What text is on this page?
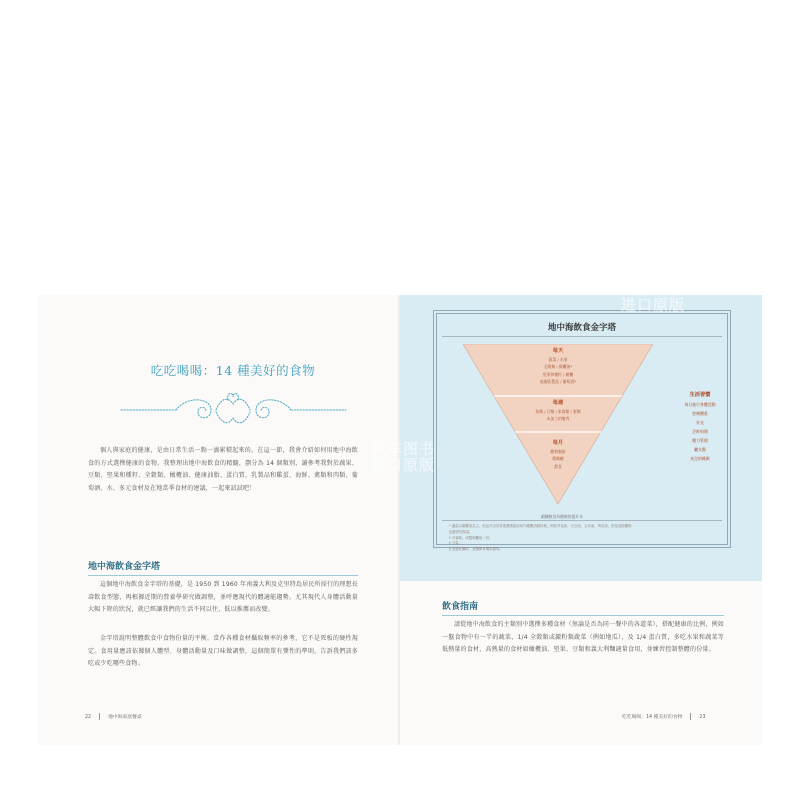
吃吃喝喝：14 種美好的食物
個人與家庭的健康，是由日常生活一點一滴累積起來的。在這一節，我會介紹如何用地中海飲食的方式選擇健康的食物。我整理出地中海飲食的精髓，劃分為 14 個類別，讀參考我對於蔬果、豆類、堅果和種籽、全穀類、橄欖油、健康油脂、蛋白質、乳製品和雞蛋、海鮮、禽類和肉類、葡萄酒、水、多元食材及在地當季食材的建議，一起來試試吧！
地中海飲食金字塔
這個地中海飲食金字塔的基礎，是 1950 到 1960 年南義大利及克里特島居民所採行的理想長壽飲食型態，再根據近期的營養學研究做調整，並呼應現代的體適能趨勢。尤其現代人身體活動量大幅下降的狀況，就已經讓我們的生活不同以往，低以推薦而改變。
金字塔說明整體飲食中食物份量的平衡，當作各種食材攝取頻率的參考，它不是死板的硬性規定。食用量應該依據個人體型、身體活動量及口味做調整，這個簡單有彈性的準則，告訴我們該多吃或少吃哪些食物。
22	地中海家庭餐桌
地中海飲食金字塔
每天
蔬菜 / 水果
全穀類 / 橄欖油*
堅果和種籽 / 橄欖
低脂乳製品 / 葡萄酒?
每週
魚類 / 豆類 / 家禽類 / 蛋類
未加工的瘦肉
每月
飽和脂肪
精緻糖
甜食
生活習慣
每日進行身體活動
控制體重
社交
烹飪料理
壓力管理
曬太陽
充足的睡眠
鍛鍊飲食為健康的提升水
* 適量以橄欖油為主，但也可以用其他健康脂肪取代橄欖油做料理，例如芥花油、大豆油、玉米油、葵花油，但是油脂攝取
也應該控制量。
† 可省略，或限制攝取一份。
‡ 少量。
§ 並適度攝取，須選擇有機果醬等。
飲食指南
請從地中海飲食的主類別中選擇多種食材（無論是否為同一餐中的各道菜），搭配健康的比例，例如一盤食物中有一半的蔬菜，1/4 全穀類或澱粉類蔬菜（例如地瓜），及 1/4 蛋白質，多吃水果和蔬菜等低熱量的食材，高熱量的食材如橄欖油、堅果、豆類和義大利麵適量食用，並練習控制整體的份量。
吃吃喝喝：14 種美好的食物	23
风车图书
进口原版
风车图书
进口原版
